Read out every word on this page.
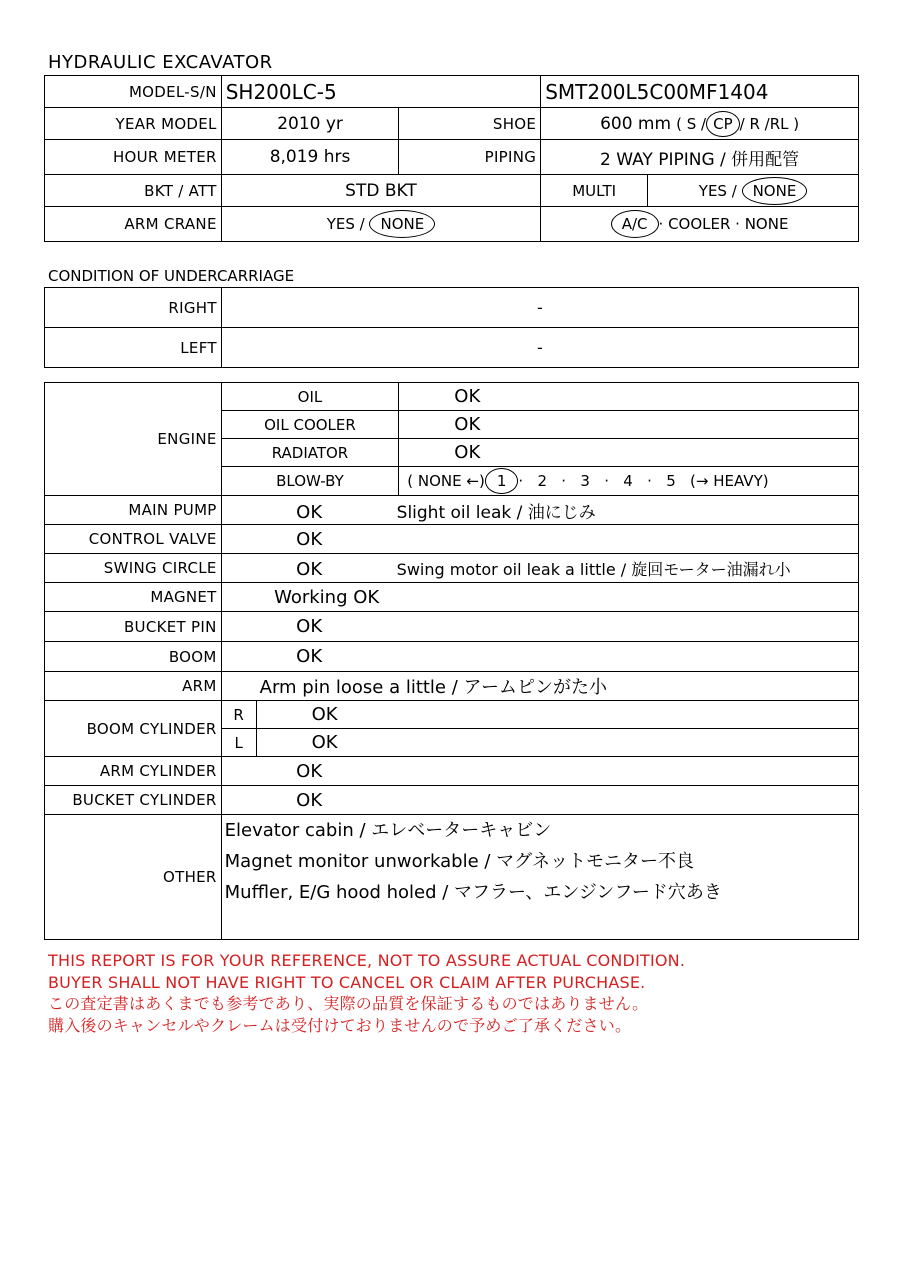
HYDRAULIC EXCAVATOR
MODEL-S/N	SH200LC-5		SMT200L5C00MF1404	
YEAR MODEL	2010 yr	SHOE	600 mm ( S / CP / R /RL )	
HOUR METER	8,019 hrs	PIPING	2 WAY PIPING / 併用配管	
BKT / ATT	STD BKT		MULTI	YES / NONE
ARM CRANE	YES / NONE		A/C · COOLER · NONE	
CONDITION OF UNDERCARRIAGE
RIGHT	-
LEFT	-
ENGINE	OIL		OK
	OIL COOLER		OK
	RADIATOR		OK
	BLOW-BY		( NONE ←) 1 ·   2   ·   3   ·   4   ·   5   (→ HEAVY)
MAIN PUMP	OK Slight oil leak / 油にじみ		
CONTROL VALVE	OK		
SWING CIRCLE	OK Swing motor oil leak a little / 旋回モーター油漏れ小		
MAGNET	Working OK		
BUCKET PIN	OK		
BOOM	OK		
ARM	Arm pin loose a little / アームピンがた小		
BOOM CYLINDER	R	OK	
	L	OK	
ARM CYLINDER	OK		
BUCKET CYLINDER	OK		
OTHER	Elevator cabin / エレベーターキャビン
Magnet monitor unworkable / マグネットモニター不良
Muffler, E/G hood holed / マフラー、エンジンフード穴あき		
THIS REPORT IS FOR YOUR REFERENCE, NOT TO ASSURE ACTUAL CONDITION.
BUYER SHALL NOT HAVE RIGHT TO CANCEL OR CLAIM AFTER PURCHASE.
この査定書はあくまでも参考であり、実際の品質を保証するものではありません。
購入後のキャンセルやクレームは受付けておりませんので予めご了承ください。
